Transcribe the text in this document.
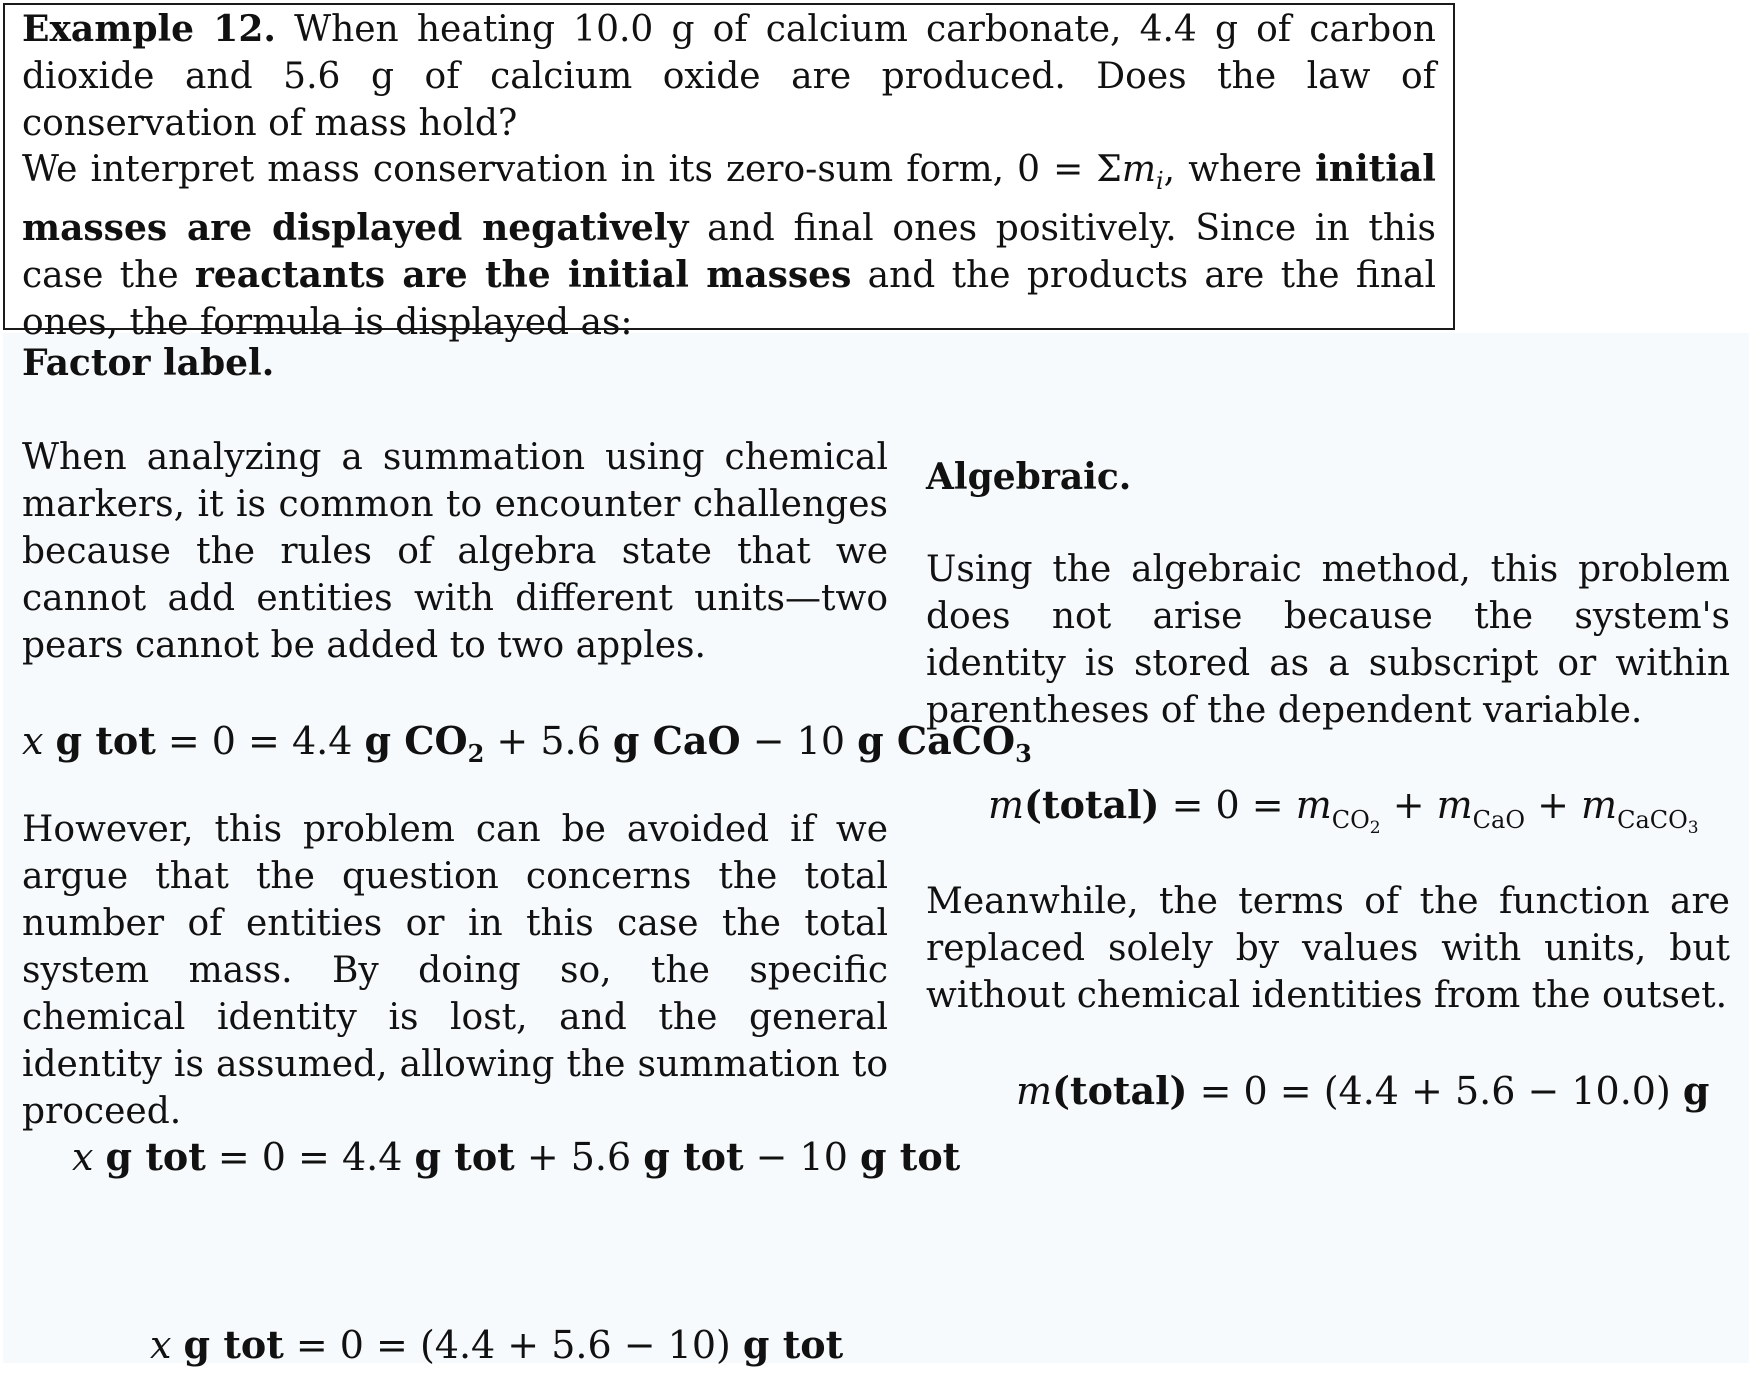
Example 12. When heating 10.0 g of calcium carbonate, 4.4 g of carbon dioxide and 5.6 g of calcium oxide are produced. Does the law of conservation of mass hold?

We interpret mass conservation in its zero-sum form, $0 = \Sigma m_i$, where initial masses are displayed negatively and final ones positively. Since in this case the reactants are the initial masses and the products are the final ones, the formula is displayed as:

Factor label.

When analyzing a summation using chemical markers, it is common to encounter challenges because the rules of algebra state that we cannot add entities with different units—two pears cannot be added to two apples.

x g tot = 0 = 4.4 g $CO_2 + 5.6$ g CaO − 10 g CaCO$_3$

However, this problem can be avoided if we argue that the question concerns the total number of entities or in this case the total system mass. By doing so, the specific chemical identity is lost, and the general identity is assumed, allowing the summation to proceed.

x g tot = 0 = 4.4 g tot + 5.6 g tot − 10 g tot
x g tot = 0 = (4.4 + 5.6 − 10) g tot
Algebraic.

Using the algebraic method, this problem does not arise because the system's identity is stored as a subscript or within parentheses of the dependent variable.

m(total) = $0 = m_{CO_2} + m_{CaO} + m_{CaCO_3}$

Meanwhile, the terms of the function are replaced solely by values with units, but without chemical identities from the outset.

m(total) = 0 = (4.4 + 5.6 − 10.0) g
